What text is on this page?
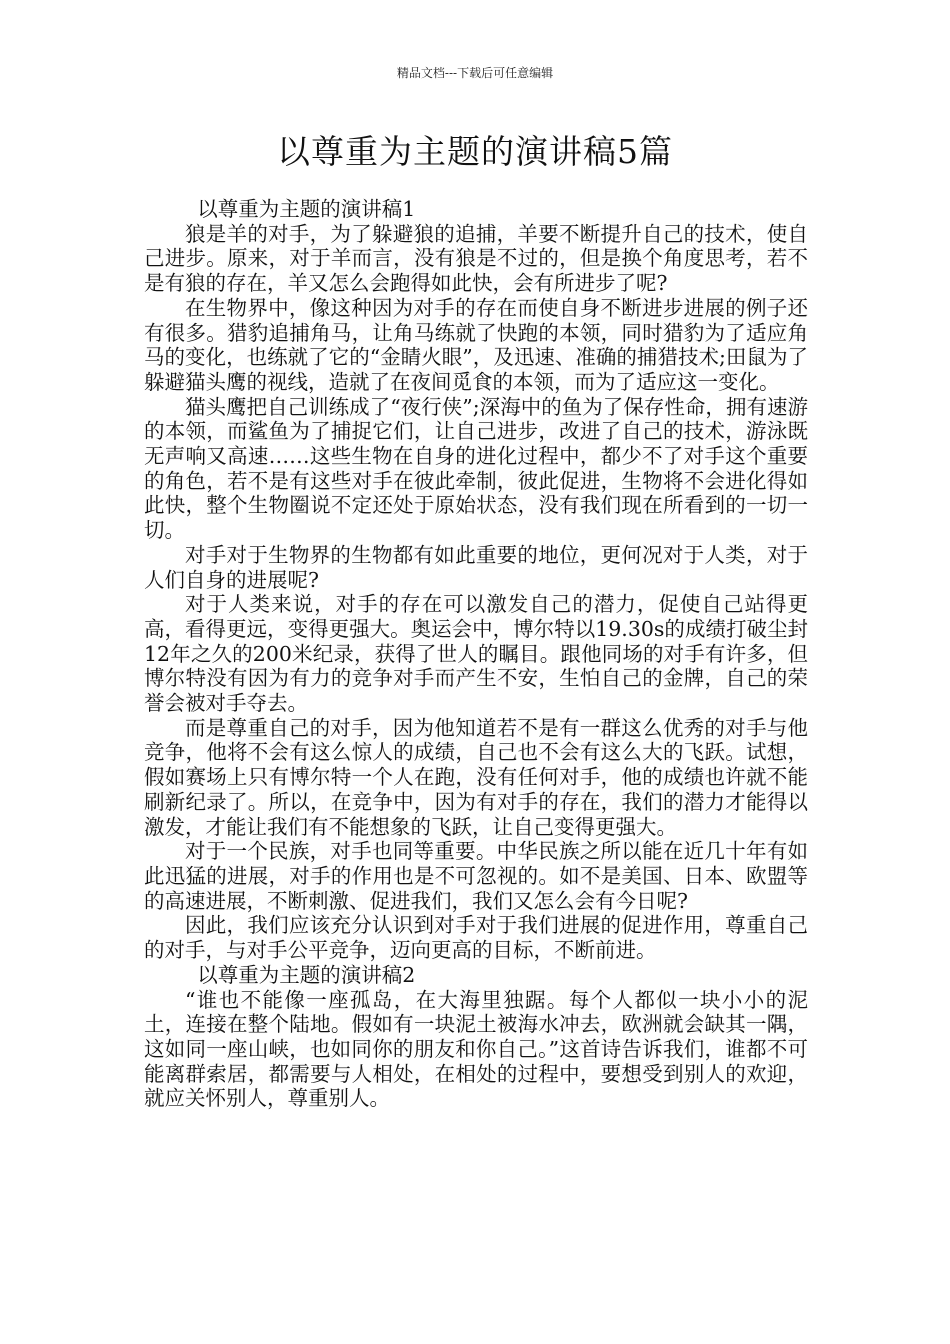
精品文档---下载后可任意编辑
以尊重为主题的演讲稿5篇

以尊重为主题的演讲稿1

狼是羊的对手，为了躲避狼的追捕，羊要不断提升自己的技术，使自己进步。原来，对于羊而言，没有狼是不过的，但是换个角度思考，若不是有狼的存在，羊又怎么会跑得如此快，会有所进步了呢?

在生物界中，像这种因为对手的存在而使自身不断进步进展的例子还有很多。猎豹追捕角马，让角马练就了快跑的本领，同时猎豹为了适应角马的变化，也练就了它的“金睛火眼”，及迅速、准确的捕猎技术;田鼠为了躲避猫头鹰的视线，造就了在夜间觅食的本领，而为了适应这一变化。

猫头鹰把自己训练成了“夜行侠”;深海中的鱼为了保存性命，拥有速游的本领，而鲨鱼为了捕捉它们，让自己进步，改进了自己的技术，游泳既无声响又高速……这些生物在自身的进化过程中，都少不了对手这个重要的角色，若不是有这些对手在彼此牵制，彼此促进，生物将不会进化得如此快，整个生物圈说不定还处于原始状态，没有我们现在所看到的一切一切。

对手对于生物界的生物都有如此重要的地位，更何况对于人类，对于人们自身的进展呢?

对于人类来说，对手的存在可以激发自己的潜力，促使自己站得更高，看得更远，变得更强大。奥运会中，博尔特以19.30s的成绩打破尘封12年之久的200米纪录，获得了世人的瞩目。跟他同场的对手有许多，但博尔特没有因为有力的竞争对手而产生不安，生怕自己的金牌，自己的荣誉会被对手夺去。

而是尊重自己的对手，因为他知道若不是有一群这么优秀的对手与他竞争，他将不会有这么惊人的成绩，自己也不会有这么大的飞跃。试想，假如赛场上只有博尔特一个人在跑，没有任何对手，他的成绩也许就不能刷新纪录了。所以，在竞争中，因为有对手的存在，我们的潜力才能得以激发，才能让我们有不能想象的飞跃，让自己变得更强大。

对于一个民族，对手也同等重要。中华民族之所以能在近几十年有如此迅猛的进展，对手的作用也是不可忽视的。如不是美国、日本、欧盟等的高速进展，不断刺激、促进我们，我们又怎么会有今日呢?

因此，我们应该充分认识到对手对于我们进展的促进作用，尊重自己的对手，与对手公平竞争，迈向更高的目标，不断前进。

以尊重为主题的演讲稿2

“谁也不能像一座孤岛，在大海里独踞。每个人都似一块小小的泥土，连接在整个陆地。假如有一块泥土被海水冲去，欧洲就会缺其一隅，这如同一座山峡，也如同你的朋友和你自己。”这首诗告诉我们，谁都不可能离群索居，都需要与人相处，在相处的过程中，要想受到别人的欢迎，就应关怀别人，尊重别人。
